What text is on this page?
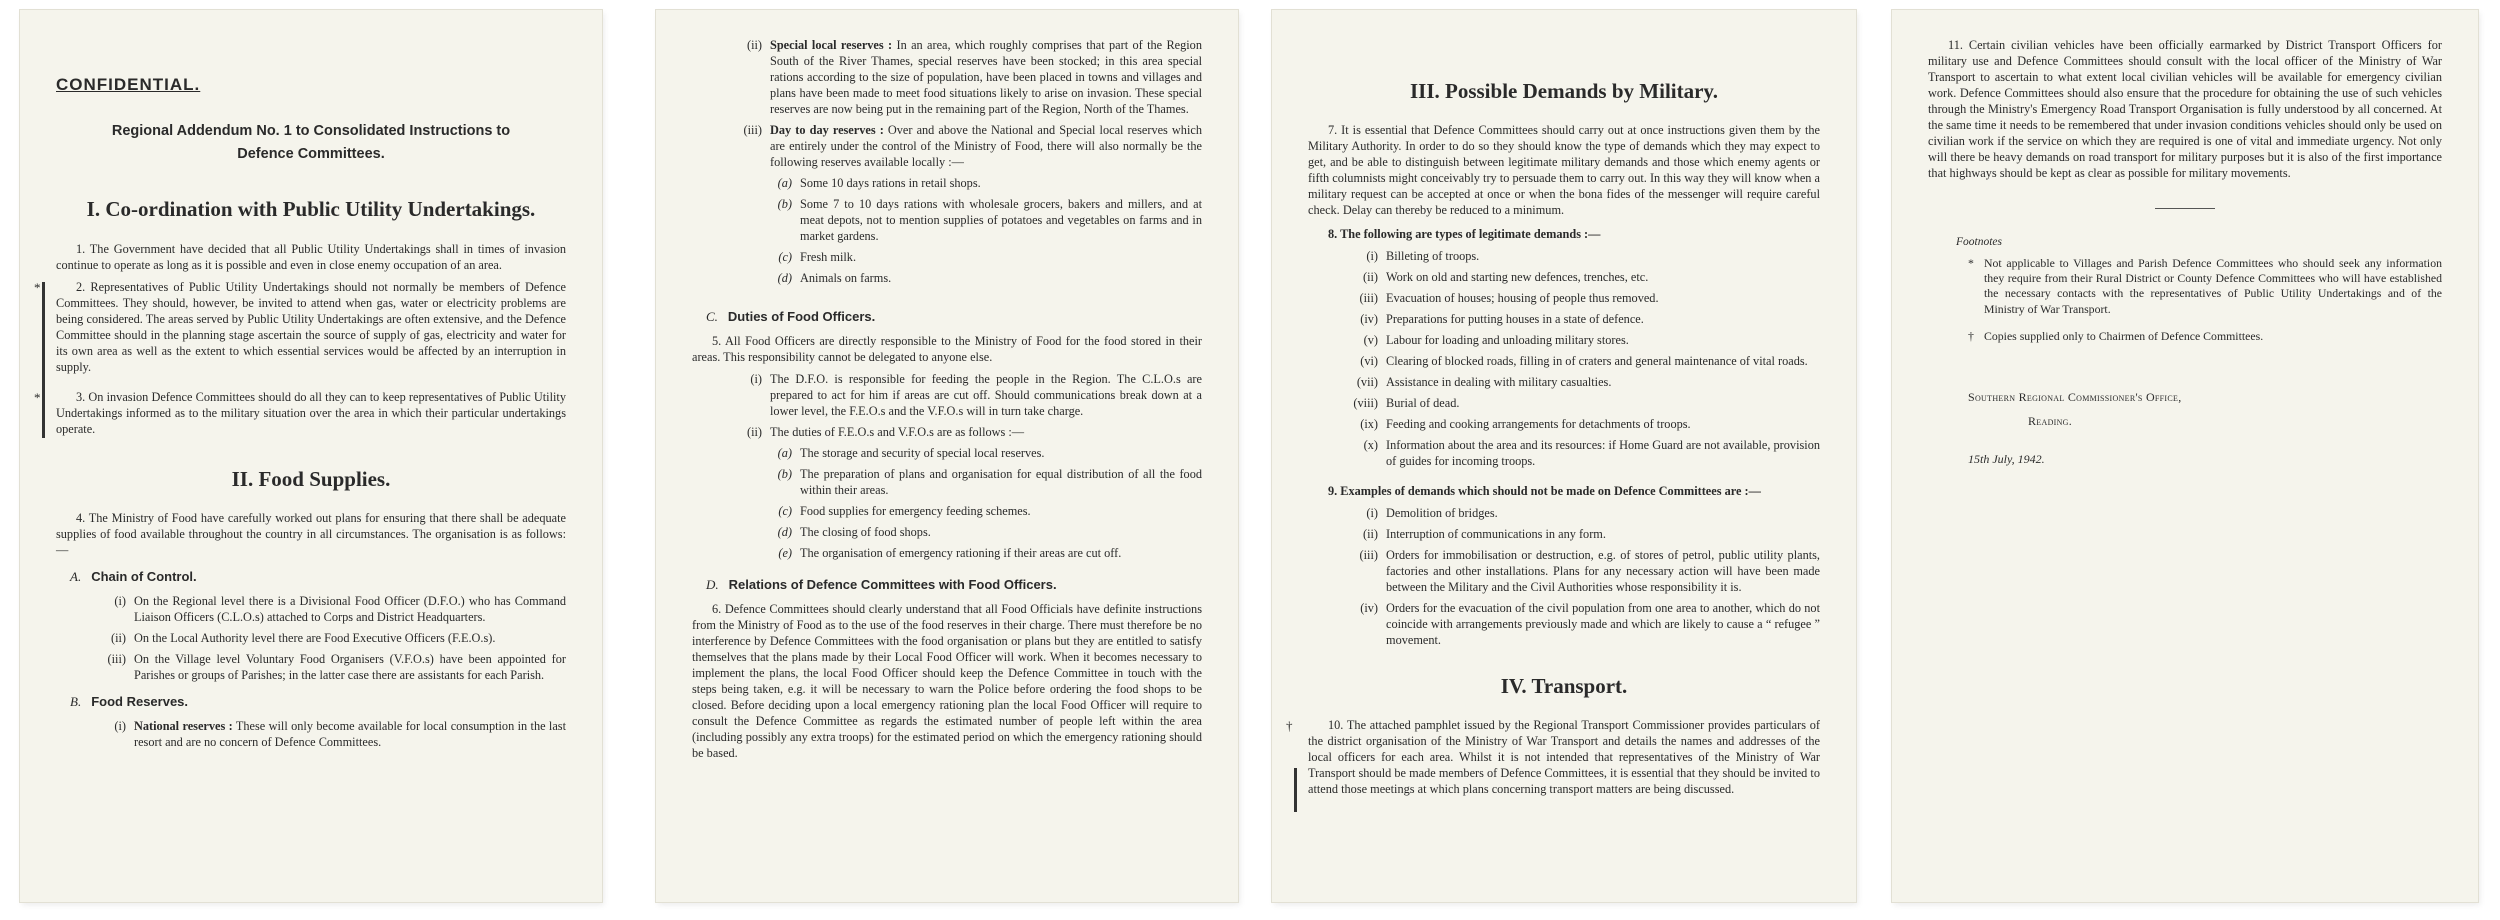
CONFIDENTIAL.

Regional Addendum No. 1 to Consolidated Instructions to
Defence Committees.
I. Co-ordination with Public Utility Undertakings.

1. The Government have decided that all Public Utility Undertakings shall in times of invasion continue to operate as long as it is possible and even in close enemy occupation of an area.

*	2. Representatives of Public Utility Undertakings should not normally be members of Defence Committees. They should, however, be invited to attend when gas, water or electricity problems are being considered. The areas served by Public Utility Undertakings are often extensive, and the Defence Committee should in the planning stage ascertain the source of supply of gas, electricity and water for its own area as well as the extent to which essential services would be affected by an interruption in supply.

*	3. On invasion Defence Committees should do all they can to keep representatives of Public Utility Undertakings informed as to the military situation over the area in which their particular undertakings operate.

II. Food Supplies.

4. The Ministry of Food have carefully worked out plans for ensuring that there shall be adequate supplies of food available throughout the country in all circumstances. The organisation is as follows:—

A. Chain of Control.
(i) On the Regional level there is a Divisional Food Officer (D.F.O.) who has Command Liaison Officers (C.L.O.s) attached to Corps and District Headquarters.
(ii) On the Local Authority level there are Food Executive Officers (F.E.O.s).
(iii) On the Village level Voluntary Food Organisers (V.F.O.s) have been appointed for Parishes or groups of Parishes; in the latter case there are assistants for each Parish.
B. Food Reserves.
(i) National reserves : These will only become available for local consumption in the last resort and are no concern of Defence Committees.
(ii) Special local reserves : In an area, which roughly comprises that part of the Region South of the River Thames, special reserves have been stocked; in this area special rations according to the size of population, have been placed in towns and villages and plans have been made to meet food situations likely to arise on invasion. These special reserves are now being put in the remaining part of the Region, North of the Thames.
(iii) Day to day reserves : Over and above the National and Special local reserves which are entirely under the control of the Ministry of Food, there will also normally be the following reserves available locally :—
(a) Some 10 days rations in retail shops.
(b) Some 7 to 10 days rations with wholesale grocers, bakers and millers, and at meat depots, not to mention supplies of potatoes and vegetables on farms and in market gardens.
(c) Fresh milk.
(d) Animals on farms.
C. Duties of Food Officers.

5. All Food Officers are directly responsible to the Ministry of Food for the food stored in their areas. This responsibility cannot be delegated to anyone else.

(i) The D.F.O. is responsible for feeding the people in the Region. The C.L.O.s are prepared to act for him if areas are cut off. Should communications break down at a lower level, the F.E.O.s and the V.F.O.s will in turn take charge.
(ii) The duties of F.E.O.s and V.F.O.s are as follows :—
(a) The storage and security of special local reserves.
(b) The preparation of plans and organisation for equal distribution of all the food within their areas.
(c) Food supplies for emergency feeding schemes.
(d) The closing of food shops.
(e) The organisation of emergency rationing if their areas are cut off.
D. Relations of Defence Committees with Food Officers.

6. Defence Committees should clearly understand that all Food Officials have definite instructions from the Ministry of Food as to the use of the food reserves in their charge. There must therefore be no interference by Defence Committees with the food organisation or plans but they are entitled to satisfy themselves that the plans made by their Local Food Officer will work. When it becomes necessary to implement the plans, the local Food Officer should keep the Defence Committee in touch with the steps being taken, e.g. it will be necessary to warn the Police before ordering the food shops to be closed. Before deciding upon a local emergency rationing plan the local Food Officer will require to consult the Defence Committee as regards the estimated number of people left within the area (including possibly any extra troops) for the estimated period on which the emergency rationing should be based.

III. Possible Demands by Military.

7. It is essential that Defence Committees should carry out at once instructions given them by the Military Authority. In order to do so they should know the type of demands which they may expect to get, and be able to distinguish between legitimate military demands and those which enemy agents or fifth columnists might conceivably try to persuade them to carry out. In this way they will know when a military request can be accepted at once or when the bona fides of the messenger will require careful check. Delay can thereby be reduced to a minimum.

8. The following are types of legitimate demands :—

(i) Billeting of troops.
(ii) Work on old and starting new defences, trenches, etc.
(iii) Evacuation of houses; housing of people thus removed.
(iv) Preparations for putting houses in a state of defence.
(v) Labour for loading and unloading military stores.
(vi) Clearing of blocked roads, filling in of craters and general maintenance of vital roads.
(vii) Assistance in dealing with military casualties.
(viii) Burial of dead.
(ix) Feeding and cooking arrangements for detachments of troops.
(x) Information about the area and its resources: if Home Guard are not available, provision of guides for incoming troops.

9. Examples of demands which should not be made on Defence Committees are :—

(i) Demolition of bridges.
(ii) Interruption of communications in any form.
(iii) Orders for immobilisation or destruction, e.g. of stores of petrol, public utility plants, factories and other installations. Plans for any necessary action will have been made between the Military and the Civil Authorities whose responsibility it is.
(iv) Orders for the evacuation of the civil population from one area to another, which do not coincide with arrangements previously made and which are likely to cause a “ refugee ” movement.
IV. Transport.
†	10. The attached pamphlet issued by the Regional Transport Commissioner provides particulars of the district organisation of the Ministry of War Transport and details the names and addresses of the local officers for each area. Whilst it is not intended that representatives of the Ministry of War Transport should be made members of Defence Committees, it is essential that they should be invited to attend those meetings at which plans concerning transport matters are being discussed.

11. Certain civilian vehicles have been officially earmarked by District Transport Officers for military use and Defence Committees should consult with the local officer of the Ministry of War Transport to ascertain to what extent local civilian vehicles will be available for emergency civilian work. Defence Committees should also ensure that the procedure for obtaining the use of such vehicles through the Ministry's Emergency Road Transport Organisation is fully understood by all concerned. At the same time it needs to be remembered that under invasion conditions vehicles should only be used on civilian work if the service on which they are required is one of vital and immediate urgency. Not only will there be heavy demands on road transport for military purposes but it is also of the first importance that highways should be kept as clear as possible for military movements.

Footnotes
* Not applicable to Villages and Parish Defence Committees who should seek any information they require from their Rural District or County Defence Committees who will have established the necessary contacts with the representatives of Public Utility Undertakings and of the Ministry of War Transport.
† Copies supplied only to Chairmen of Defence Committees.
Southern Regional Commissioner's Office,
Reading.
15th July, 1942.
